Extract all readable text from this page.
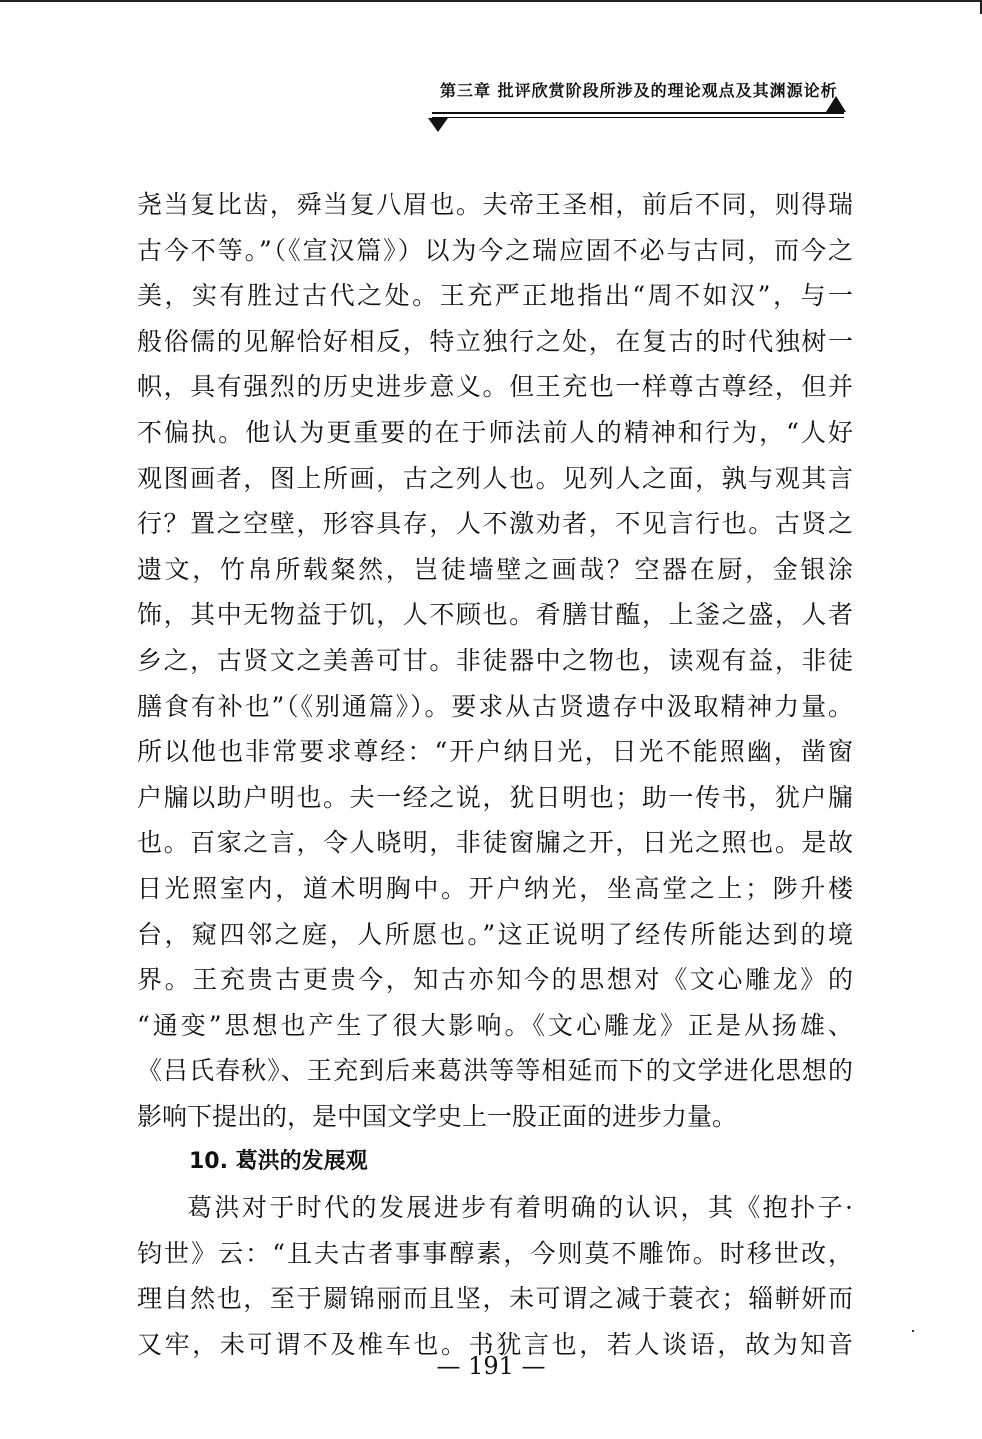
第三章 批评欣赏阶段所涉及的理论观点及其渊源论析
尧当复比齿，舜当复八眉也。夫帝王圣相，前后不同，则得瑞
古今不等。”（《宣汉篇》）以为今之瑞应固不必与古同，而今之
美，实有胜过古代之处。王充严正地指出“周不如汉”，与一
般俗儒的见解恰好相反，特立独行之处，在复古的时代独树一
帜，具有强烈的历史进步意义。但王充也一样尊古尊经，但并
不偏执。他认为更重要的在于师法前人的精神和行为，“人好
观图画者，图上所画，古之列人也。见列人之面，孰与观其言
行？置之空壁，形容具存，人不激劝者，不见言行也。古贤之
遗文，竹帛所载粲然，岂徒墙壁之画哉？空器在厨，金银涂
饰，其中无物益于饥，人不顾也。肴膳甘醢，上釜之盛，人者
乡之，古贤文之美善可甘。非徒器中之物也，读观有益，非徒
膳食有补也”（《别通篇》）。要求从古贤遗存中汲取精神力量。
所以他也非常要求尊经：“开户纳日光，日光不能照幽，凿窗
户牖以助户明也。夫一经之说，犹日明也；助一传书，犹户牖
也。百家之言，令人晓明，非徒窗牖之开，日光之照也。是故
日光照室内，道术明胸中。开户纳光，坐高堂之上；陟升楼
台，窥四邻之庭，人所愿也。”这正说明了经传所能达到的境
界。王充贵古更贵今，知古亦知今的思想对《文心雕龙》的
“通变”思想也产生了很大影响。《文心雕龙》正是从扬雄、
《吕氏春秋》、王充到后来葛洪等等相延而下的文学进化思想的
影响下提出的，是中国文学史上一股正面的进步力量。
10. 葛洪的发展观
葛洪对于时代的发展进步有着明确的认识，其《抱扑子·
钧世》云：“且夫古者事事醇素，今则莫不雕饰。时移世改，
理自然也，至于罽锦丽而且坚，未可谓之减于蓑衣；辎軿妍而
又牢，未可谓不及椎车也。书犹言也，若人谈语，故为知音
— 191 —
